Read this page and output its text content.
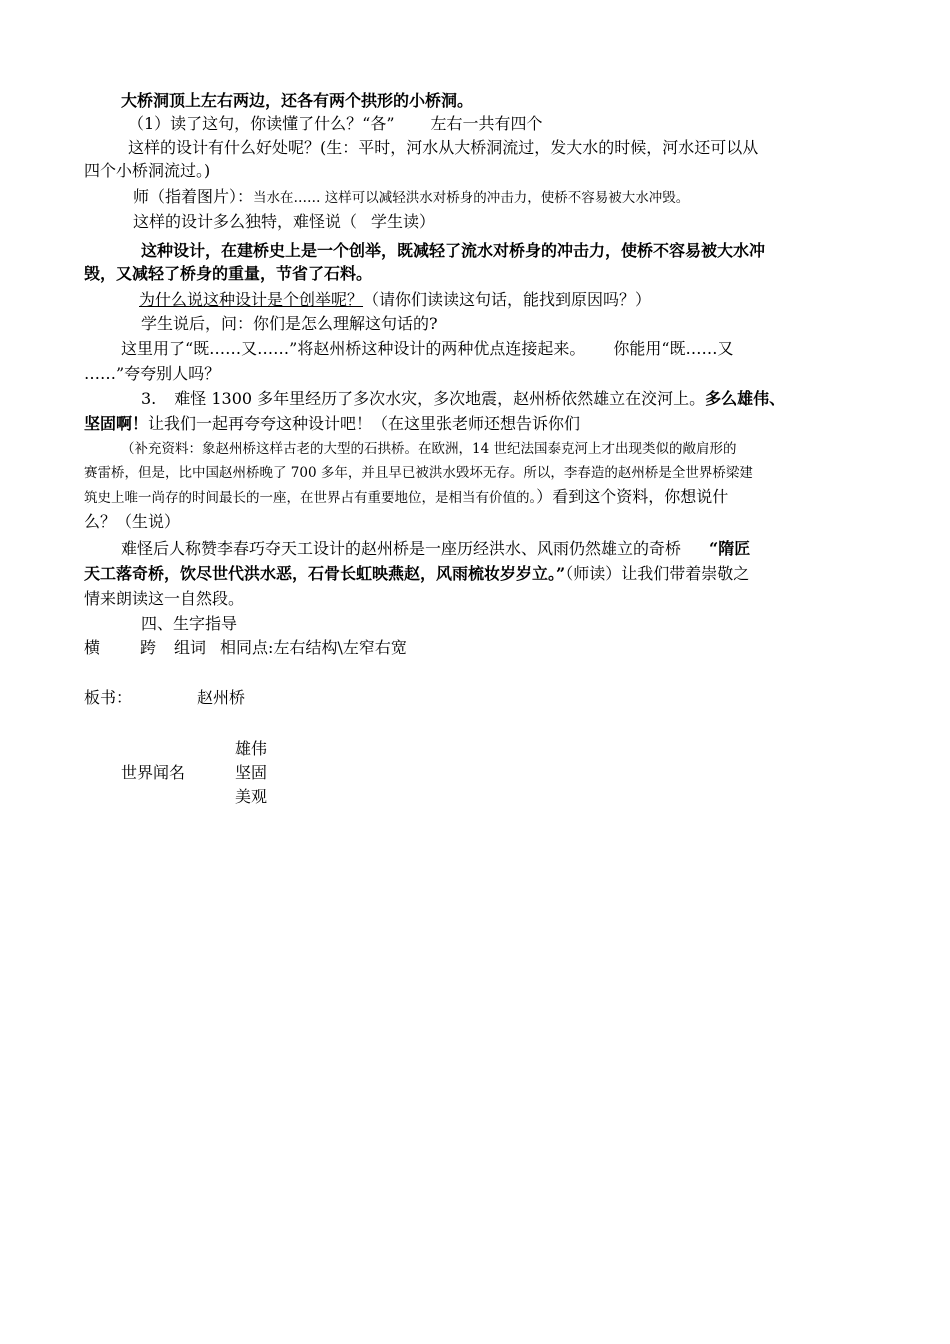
大桥洞顶上左右两边，还各有两个拱形的小桥洞。
（1）读了这句，你读懂了什么？“各” 左右一共有四个
这样的设计有什么好处呢？(生：平时，河水从大桥洞流过，发大水的时候，河水还可以从
四个小桥洞流过。)
师（指着图片）：当水在…… 这样可以减轻洪水对桥身的冲击力，使桥不容易被大水冲毁。
这样的设计多么独特，难怪说（ 学生读）
这种设计，在建桥史上是一个创举，既减轻了流水对桥身的冲击力，使桥不容易被大水冲
毁，又减轻了桥身的重量，节省了石料。
为什么说这种设计是个创举呢？（请你们读读这句话，能找到原因吗？）
学生说后，问：你们是怎么理解这句话的?
这里用了“既……又……”将赵州桥这种设计的两种优点连接起来。 你能用“既……又
……”夸夸别人吗？
3. 难怪 1300 多年里经历了多次水灾，多次地震，赵州桥依然雄立在洨河上。多么雄伟、
坚固啊！让我们一起再夸夸这种设计吧！（在这里张老师还想告诉你们
（补充资料：象赵州桥这样古老的大型的石拱桥。在欧洲，14 世纪法国泰克河上才出现类似的敞肩形的
赛雷桥，但是，比中国赵州桥晚了 700 多年，并且早已被洪水毁坏无存。所以，李春造的赵州桥是全世界桥梁建
筑史上唯一尚存的时间最长的一座，在世界占有重要地位，是相当有价值的。）看到这个资料，你想说什
么？（生说）
难怪后人称赞李春巧夺天工设计的赵州桥是一座历经洪水、风雨仍然雄立的奇桥 “隋匠
天工落奇桥，饮尽世代洪水恶，石骨长虹映燕赵，风雨梳妆岁岁立。”（师读）让我们带着崇敬之
情来朗读这一自然段。
四、生字指导
横	跨 组词 相同点:左右结构\左窄右宽
板书：	赵州桥
世界闻名
雄伟
坚固
美观
